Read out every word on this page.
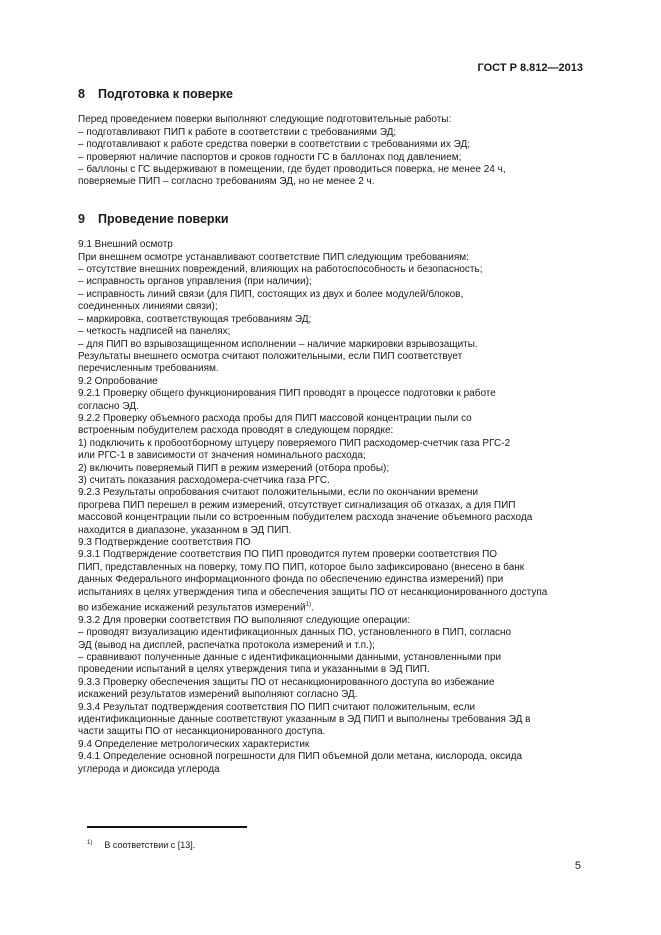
ГОСТ Р 8.812—2013
8 Подготовка к поверке

Перед проведением поверки выполняют следующие подготовительные работы:

– подготавливают ПИП к работе в соответствии с требованиями ЭД;

– подготавливают к работе средства поверки в соответствии с требованиями их ЭД;

– проверяют наличие паспортов и сроков годности ГС в баллонах под давлением;

– баллоны с ГС выдерживают в помещении, где будет проводиться поверка, не менее 24 ч,

поверяемые ПИП – согласно требованиям ЭД, но не менее 2 ч.

9 Проведение поверки

9.1 Внешний осмотр

При внешнем осмотре устанавливают соответствие ПИП следующим требованиям:

– отсутствие внешних повреждений, влияющих на работоспособность и безопасность;

– исправность органов управления (при наличии);

– исправность линий связи (для ПИП, состоящих из двух и более модулей/блоков,

соединенных линиями связи);

– маркировка, соответствующая требованиям ЭД;

– четкость надписей на панелях;

– для ПИП во взрывозащищенном исполнении – наличие маркировки взрывозащиты.

Результаты внешнего осмотра считают положительными, если ПИП соответствует

перечисленным требованиям.

9.2 Опробование

9.2.1 Проверку общего функционирования ПИП проводят в процессе подготовки к работе

согласно ЭД.

9.2.2 Проверку объемного расхода пробы для ПИП массовой концентрации пыли со

встроенным побудителем расхода проводят в следующем порядке:

1) подключить к пробоотборному штуцеру поверяемого ПИП расходомер-счетчик газа РГС-2

или РГС-1 в зависимости от значения номинального расхода;

2) включить поверяемый ПИП в режим измерений (отбора пробы);

3) считать показания расходомера-счетчика газа РГС.

9.2.3 Результаты опробования считают положительными, если по окончании времени

прогрева ПИП перешел в режим измерений, отсутствует сигнализация об отказах, а для ПИП

массовой концентрации пыли со встроенным побудителем расхода значение объемного расхода

находится в диапазоне, указанном в ЭД ПИП.

9.3 Подтверждение соответствия ПО

9.3.1 Подтверждение соответствия ПО ПИП проводится путем проверки соответствия ПО

ПИП, представленных на поверку, тому ПО ПИП, которое было зафиксировано (внесено в банк

данных Федерального информационного фонда по обеспечению единства измерений) при

испытаниях в целях утверждения типа и обеспечения защиты ПО от несанкционированного доступа

во избежание искажений результатов измерений$^{1)}$.

9.3.2 Для проверки соответствия ПО выполняют следующие операции:

– проводят визуализацию идентификационных данных ПО, установленного в ПИП, согласно

ЭД (вывод на дисплей, распечатка протокола измерений и т.п.);

– сравнивают полученные данные с идентификационными данными, установленными при

проведении испытаний в целях утверждения типа и указанными в ЭД ПИП.

9.3.3 Проверку обеспечения защиты ПО от несанкционированного доступа во избежание

искажений результатов измерений выполняют согласно ЭД.

9.3.4 Результат подтверждения соответствия ПО ПИП считают положительным, если

идентификационные данные соответствуют указанным в ЭД ПИП и выполнены требования ЭД в

части защиты ПО от несанкционированного доступа.

9.4 Определение метрологических характеристик

9.4.1 Определение основной погрешности для ПИП объемной доли метана, кислорода, оксида

углерода и диоксида углерода

$^{1)}$ В соответствии с [13].
5
